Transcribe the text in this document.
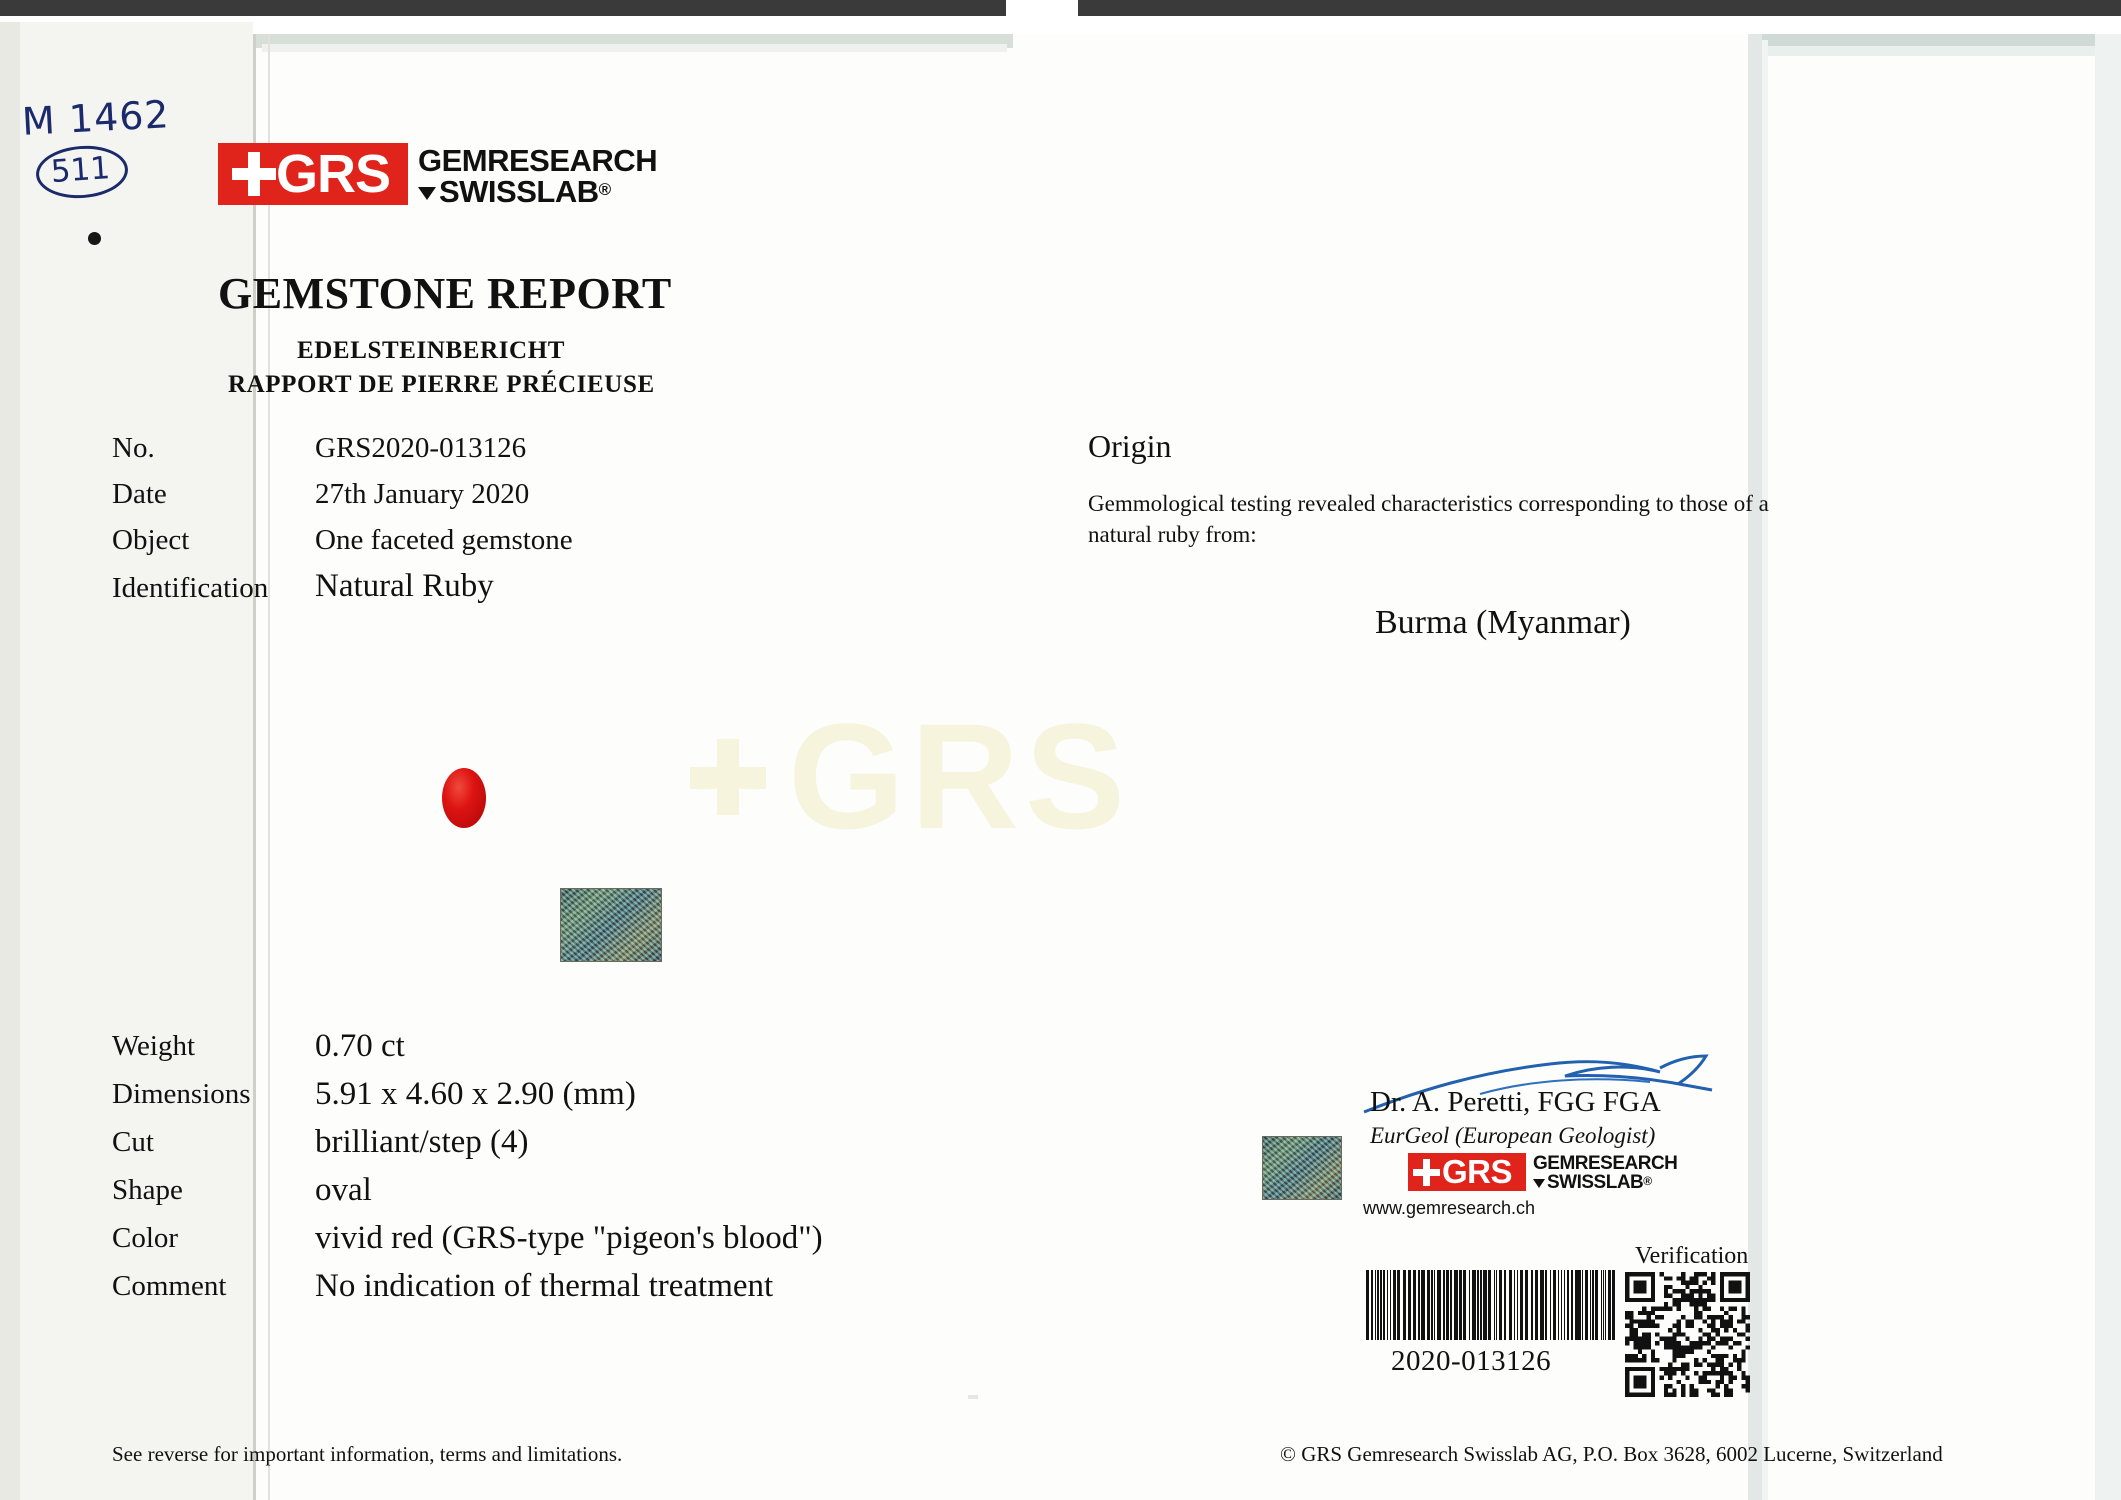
M 1462
511	GRS GEMRESEARCH
SWISSLAB ®
GEMSTONE REPORT
EDELSTEINBERICHT
RAPPORT DE PIERRE PRÉCIEUSE
No.	GRS2020-013126
Date	27th January 2020
Object	One faceted gemstone
Identification Natural Ruby
Origin
Gemmological testing revealed characteristics corresponding to those of a natural ruby from:
Burma (Myanmar)
GRS
Weight	0.70 ct
Dimensions 5.91 x 4.60 x 2.90 (mm)
Cut	brilliant/step (4)
Shape	oval
Color	vivid red (GRS-type "pigeon's blood")
Comment	No indication of thermal treatment
Dr. A. Peretti, FGG FGA
EurGeol (European Geologist)
GRS GEMRESEARCH
SWISSLAB ®
www.gemresearch.ch
Verification
2020-013126
See reverse for important information, terms and limitations.	© GRS Gemresearch Swisslab AG, P.O. Box 3628, 6002 Lucerne, Switzerland
